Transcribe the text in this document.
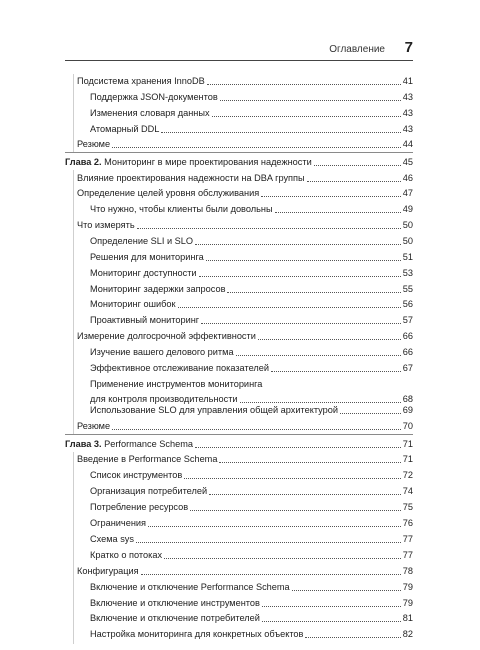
Оглавление 7
Подсистема хранения InnoDB	41
Поддержка JSON-документов	43
Изменения словаря данных	43
Атомарный DDL	43
Резюме	44
Глава 2. Мониторинг в мире проектирования надежности	45
Влияние проектирования надежности на DBA группы	46
Определение целей уровня обслуживания	47
Что нужно, чтобы клиенты были довольны	49
Что измерять	50
Определение SLI и SLO	50
Решения для мониторинга	51
Мониторинг доступности	53
Мониторинг задержки запросов	55
Мониторинг ошибок	56
Проактивный мониторинг	57
Измерение долгосрочной эффективности	66
Изучение вашего делового ритма	66
Эффективное отслеживание показателей	67
Применение инструментов мониторинга
для контроля производительности	68
Использование SLO для управления общей архитектурой	69
Резюме	70
Глава 3. Performance Schema	71
Введение в Performance Schema	71
Список инструментов	72
Организация потребителей	74
Потребление ресурсов	75
Ограничения	76
Схема sys	77
Кратко о потоках	77
Конфигурация	78
Включение и отключение Performance Schema	79
Включение и отключение инструментов	79
Включение и отключение потребителей	81
Настройка мониторинга для конкретных объектов	82
